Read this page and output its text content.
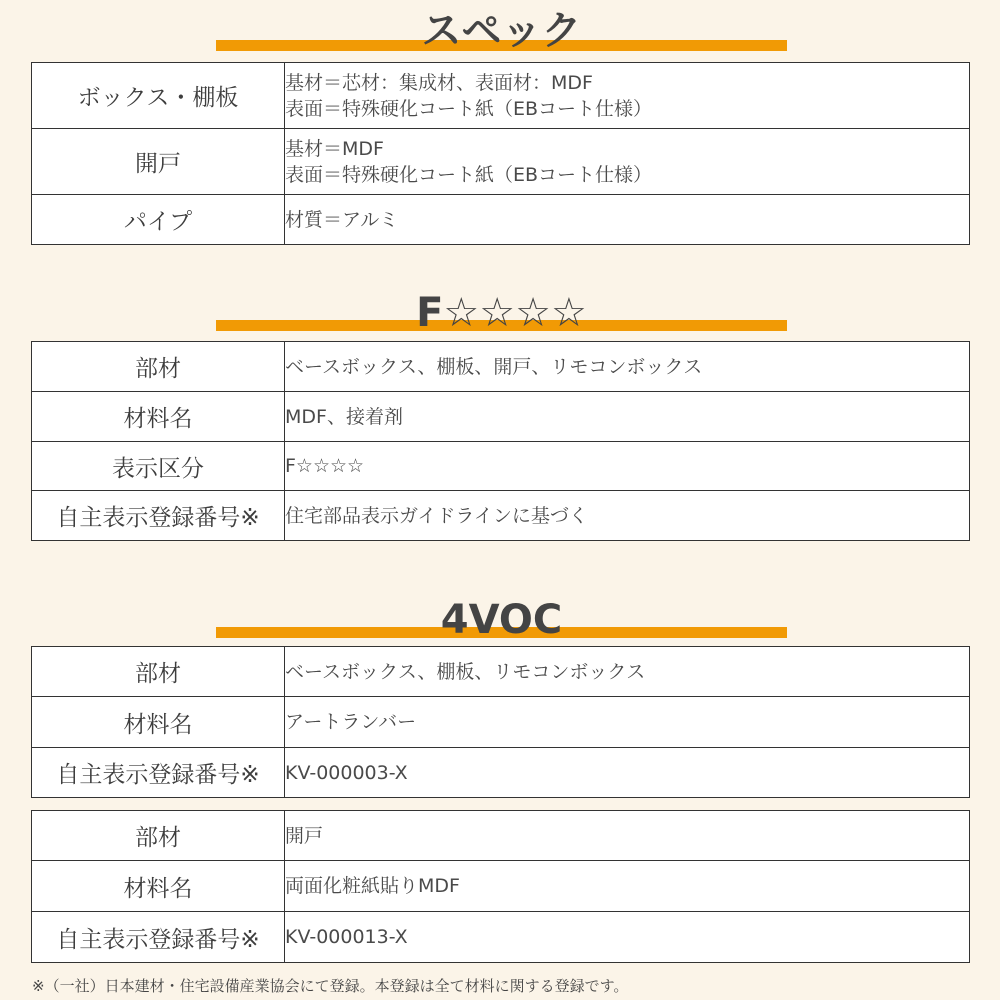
スペック
ボックス・棚板	基材＝芯材：集成材、表面材：MDF
表面＝特殊硬化コート紙（EBコート仕様）

開戸	基材＝MDF
表面＝特殊硬化コート紙（EBコート仕様）

パイプ	材質＝アルミ
F☆☆☆☆
部材	ベースボックス、棚板、開戸、リモコンボックス
材料名	MDF、接着剤
表示区分	F☆☆☆☆
自主表示登録番号※	住宅部品表示ガイドラインに基づく
4VOC
部材	ベースボックス、棚板、リモコンボックス
材料名	アートランバー
自主表示登録番号※	KV-000003-X
部材	開戸
材料名	両面化粧紙貼りMDF
自主表示登録番号※	KV-000013-X
※（一社）日本建材・住宅設備産業協会にて登録。本登録は全て材料に関する登録です。
